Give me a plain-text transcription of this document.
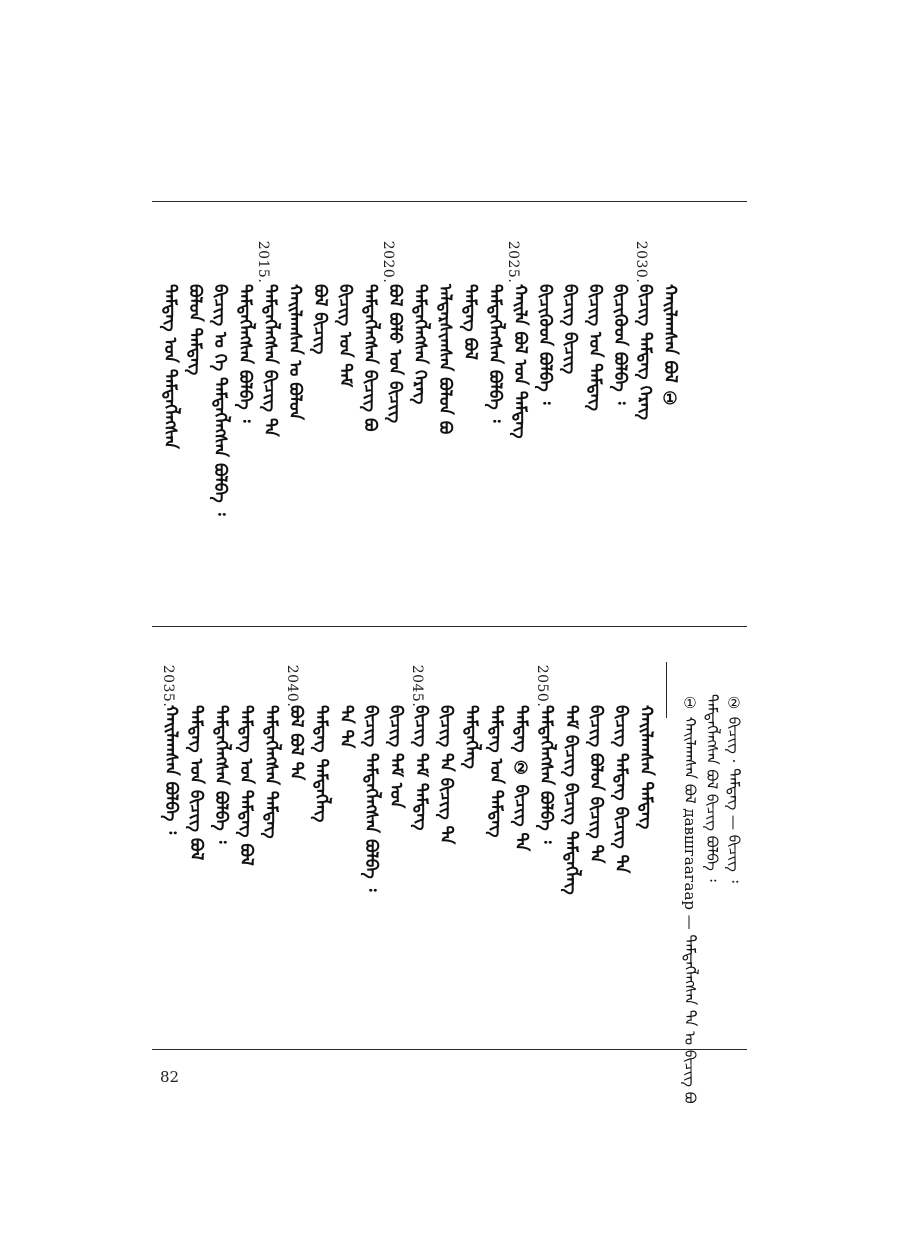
2030.
2025.
2020.
2015.
ᠬᠠᠢᠯᠠᠭᠰᠠᠨ ᠪᠣᠯ ①
ᠪᠢᠴᠢᠭ ᠲᠡᠮᠳᠡᠭ ᠬᠡᠷᠡᠭ
ᠪᠢᠴᠢᠭ᠌ᠦᠳ ᠪᠣᠯᠪᠠ ᠄
ᠪᠢᠴᠢᠭ ᠤᠨ ᠲᠡᠮᠳᠡᠭ
ᠪᠢᠴᠢᠭ ᠪᠢᠴᠢᠭ
ᠪᠢᠴᠢᠭ᠌ᠦᠳ ᠪᠣᠯᠪᠠ ᠄
ᠬᠠᠢᠯᠠ ᠪᠣᠯ ᠤᠨ ᠲᠡᠮᠳᠡᠭ
ᠲᠡᠮᠳᠡᠭᠯᠡᠭᠰᠡᠨ ᠪᠣᠯᠪᠠ ᠄
ᠲᠡᠮᠳᠡᠭ ᠪᠣᠯ
ᠠᠯᠳᠠᠷᠰᠢᠭᠰᠠᠨ ᠪᠣᠯᠤᠨ ᠪᠣ
ᠲᠡᠮᠳᠡᠭᠯᠡᠭᠰᠡᠨ ᠬᠡᠷᠡᠭ
ᠪᠣᠯ ᠪᠣᠯᠤ ᠤᠨ ᠪᠢᠴᠢᠭ
ᠲᠡᠮᠳᠡᠭᠯᠡᠭᠰᠡᠨ ᠪᠢᠴᠢᠭ ᠪᠣ
ᠪᠢᠴᠢᠭ ᠤᠨ ᠲᠡᠮ
ᠪᠣᠯ ᠪᠢᠴᠢᠭ
ᠬᠠᠢᠯᠠᠭᠰᠠᠨ ᠤ ᠪᠣᠯᠤᠨ
ᠲᠡᠮᠳᠡᠭᠯᠡᠭᠰᠡᠨ ᠪᠢᠴᠢᠭ ᠲᠡ
ᠲᠡᠮᠳᠡᠭᠯᠡᠭᠰᠡᠨ ᠪᠣᠯᠪᠠ ᠄
ᠪᠢᠴᠢᠭ ᠤ ᠬᠡ ᠲᠡᠮᠳᠡᠭᠯᠡᠭᠰᠡᠨ ᠪᠣᠯᠪᠠ ᠄
ᠪᠣᠯᠤᠨ ᠲᠡᠮᠳᠡᠭ
ᠲᠡᠮᠳᠡᠭ ᠤᠨ ᠲᠡᠮᠳᠡᠭᠯᠡᠭᠰᠡᠨ
② ᠪᠢᠴᠢᠭ · ᠲᠡᠮᠳᠡᠭ — ᠪᠢᠴᠢᠭ ᠄
ᠲᠡᠮᠳᠡᠭᠯᠡᠭᠰᠡᠨ ᠪᠣᠯ ᠪᠢᠴᠢᠭ ᠪᠣᠯᠪᠠ ᠄
① ᠬᠠᠢᠯᠠᠭᠰᠠᠨ ᠪᠣᠯ давшгаагаар — ᠲᠡᠮᠳᠡᠭᠯᠡᠭᠰᠡᠨ ᠲᠡ ᠤ ᠪᠢᠴᠢᠭ ᠪᠣ
2050.
2045.
2040.
2035.
ᠬᠠᠢᠯᠠᠭᠰᠠᠨ ᠲᠡᠮᠳᠡᠭ
ᠪᠢᠴᠢᠭ ᠲᠡᠮᠳᠡᠭ ᠪᠢᠴᠢᠭ ᠲᠡ
ᠪᠢᠴᠢᠭ ᠪᠣᠯᠤᠨ ᠪᠢᠴᠢᠭ ᠲᠡ
ᠲᠡᠮ ᠪᠢᠴᠢᠭ ᠪᠢᠴᠢᠭ ᠲᠡᠮᠳᠡᠭᠯᠡᠭ
ᠲᠡᠮᠳᠡᠭᠯᠡᠭᠰᠡᠨ ᠪᠣᠯᠪᠠ ᠄
ᠲᠡᠮᠳᠡᠭ ② ᠪᠢᠴᠢᠭ ᠲᠡ
ᠲᠡᠮᠳᠡᠭ ᠤᠨ ᠲᠡᠮᠳᠡᠭ
ᠲᠡᠮᠳᠡᠭᠯᠡᠭ
ᠪᠢᠴᠢᠭ ᠲᠡ ᠪᠢᠴᠢᠭ ᠲᠡ
ᠪᠢᠴᠢᠭ ᠲᠡᠮ ᠲᠡᠮᠳᠡᠭ
ᠪᠢᠴᠢᠭ ᠲᠡᠮ ᠤᠨ
ᠪᠢᠴᠢᠭ ᠲᠡᠮᠳᠡᠭᠯᠡᠭᠰᠡᠨ ᠪᠣᠯᠪᠠ ᠄
ᠲᠡ ᠲᠡ
ᠲᠡᠮᠳᠡᠭ ᠲᠡᠮᠳᠡᠭᠯᠡᠭ
ᠪᠣᠯ ᠪᠣᠯ ᠲᠡ
ᠲᠡᠮᠳᠡᠭᠯᠡᠭᠰᠡᠨ ᠲᠡᠮᠳᠡᠭ
ᠲᠡᠮᠳᠡᠭ ᠤᠨ ᠲᠡᠮᠳᠡᠭ ᠪᠣᠯ
ᠲᠡᠮᠳᠡᠭᠯᠡᠭᠰᠡᠨ ᠪᠣᠯᠪᠠ ᠄
ᠲᠡᠮᠳᠡᠭ ᠤᠨ ᠪᠢᠴᠢᠭ ᠪᠣᠯ
ᠬᠠᠢᠯᠠᠭᠰᠠᠨ ᠪᠣᠯᠪᠠ ᠄
82
